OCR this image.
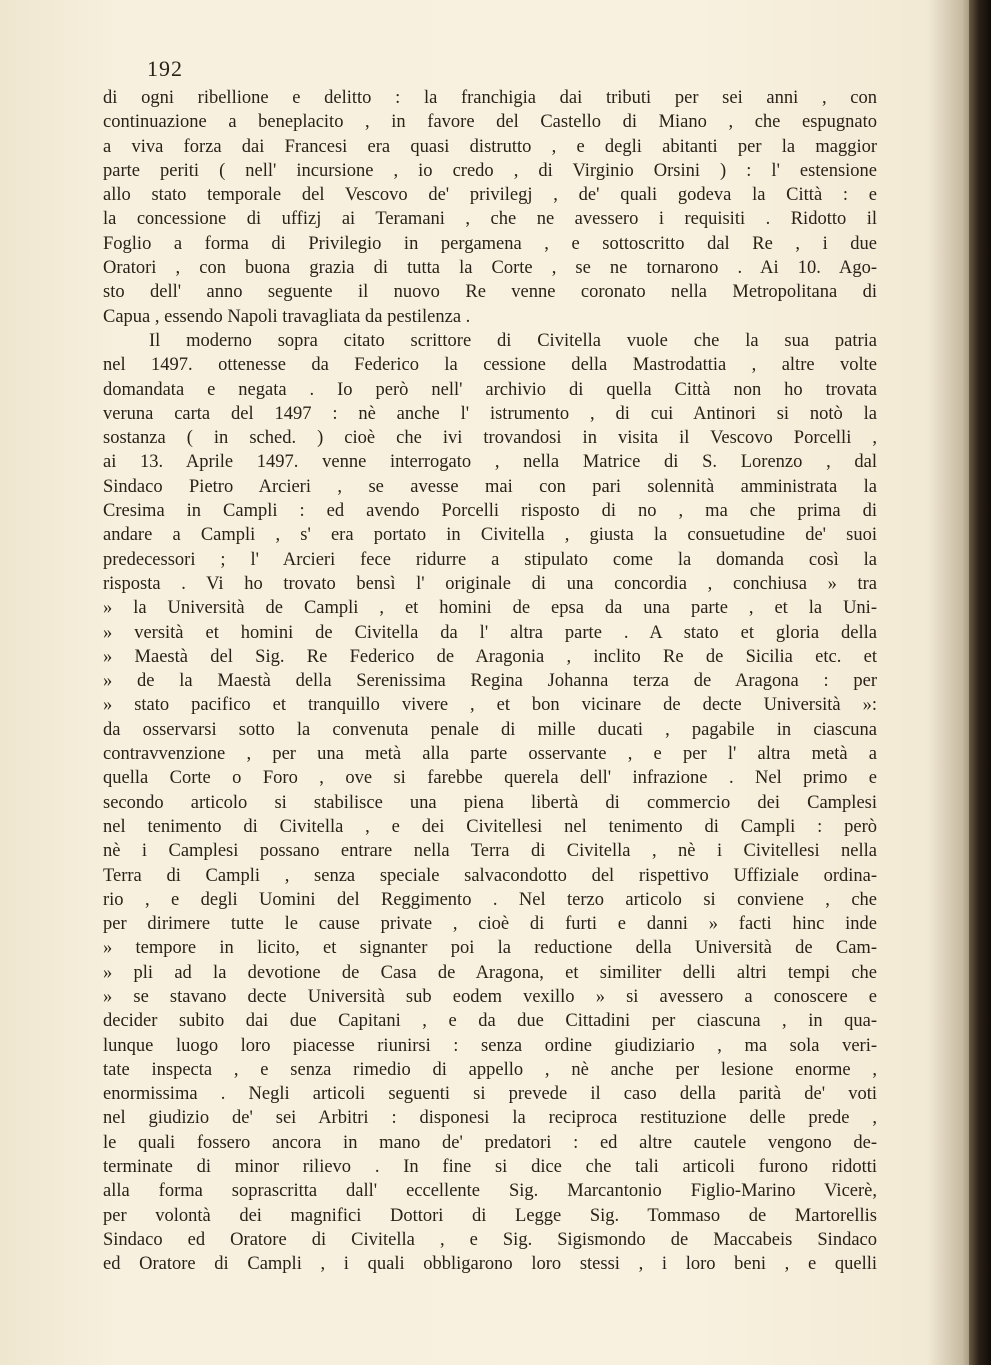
192
di ogni ribellione e delitto : la franchigia dai tributi per sei anni , con
continuazione a beneplacito , in favore del Castello di Miano , che espugnato
a viva forza dai Francesi era quasi distrutto , e degli abitanti per la maggior
parte periti ( nell' incursione , io credo , di Virginio Orsini ) : l' estensione
allo stato temporale del Vescovo de' privilegj , de' quali godeva la Città : e
la concessione di uffizj ai Teramani , che ne avessero i requisiti . Ridotto il
Foglio a forma di Privilegio in pergamena , e sottoscritto dal Re , i due
Oratori , con buona grazia di tutta la Corte , se ne tornarono . Ai 10. Ago-
sto dell' anno seguente il nuovo Re venne coronato nella Metropolitana di
Capua , essendo Napoli travagliata da pestilenza .
Il moderno sopra citato scrittore di Civitella vuole che la sua patria
nel 1497. ottenesse da Federico la cessione della Mastrodattia , altre volte
domandata e negata . Io però nell' archivio di quella Città non ho trovata
veruna carta del 1497 : nè anche l' istrumento , di cui Antinori si notò la
sostanza ( in sched. ) cioè che ivi trovandosi in visita il Vescovo Porcelli ,
ai 13. Aprile 1497. venne interrogato , nella Matrice di S. Lorenzo , dal
Sindaco Pietro Arcieri , se avesse mai con pari solennità amministrata la
Cresima in Campli : ed avendo Porcelli risposto di no , ma che prima di
andare a Campli , s' era portato in Civitella , giusta la consuetudine de' suoi
predecessori ; l' Arcieri fece ridurre a stipulato come la domanda così la
risposta . Vi ho trovato bensì l' originale di una concordia , conchiusa » tra
» la Università de Campli , et homini de epsa da una parte , et la Uni-
» versità et homini de Civitella da l' altra parte . A stato et gloria della
» Maestà del Sig. Re Federico de Aragonia , inclito Re de Sicilia etc. et
» de la Maestà della Serenissima Regina Johanna terza de Aragona : per
» stato pacifico et tranquillo vivere , et bon vicinare de decte Università »:
da osservarsi sotto la convenuta penale di mille ducati , pagabile in ciascuna
contravvenzione , per una metà alla parte osservante , e per l' altra metà a
quella Corte o Foro , ove si farebbe querela dell' infrazione . Nel primo e
secondo articolo si stabilisce una piena libertà di commercio dei Camplesi
nel tenimento di Civitella , e dei Civitellesi nel tenimento di Campli : però
nè i Camplesi possano entrare nella Terra di Civitella , nè i Civitellesi nella
Terra di Campli , senza speciale salvacondotto del rispettivo Uffiziale ordina-
rio , e degli Uomini del Reggimento . Nel terzo articolo si conviene , che
per dirimere tutte le cause private , cioè di furti e danni » facti hinc inde
» tempore in licito, et signanter poi la reductione della Università de Cam-
» pli ad la devotione de Casa de Aragona, et similiter delli altri tempi che
» se stavano decte Università sub eodem vexillo » si avessero a conoscere e
decider subito dai due Capitani , e da due Cittadini per ciascuna , in qua-
lunque luogo loro piacesse riunirsi : senza ordine giudiziario , ma sola veri-
tate inspecta , e senza rimedio di appello , nè anche per lesione enorme ,
enormissima . Negli articoli seguenti si prevede il caso della parità de' voti
nel giudizio de' sei Arbitri : disponesi la reciproca restituzione delle prede ,
le quali fossero ancora in mano de' predatori : ed altre cautele vengono de-
terminate di minor rilievo . In fine si dice che tali articoli furono ridotti
alla forma soprascritta dall' eccellente Sig. Marcantonio Figlio-Marino Vicerè,
per volontà dei magnifici Dottori di Legge Sig. Tommaso de Martorellis
Sindaco ed Oratore di Civitella , e Sig. Sigismondo de Maccabeis Sindaco
ed Oratore di Campli , i quali obbligarono loro stessi , i loro beni , e quelli
